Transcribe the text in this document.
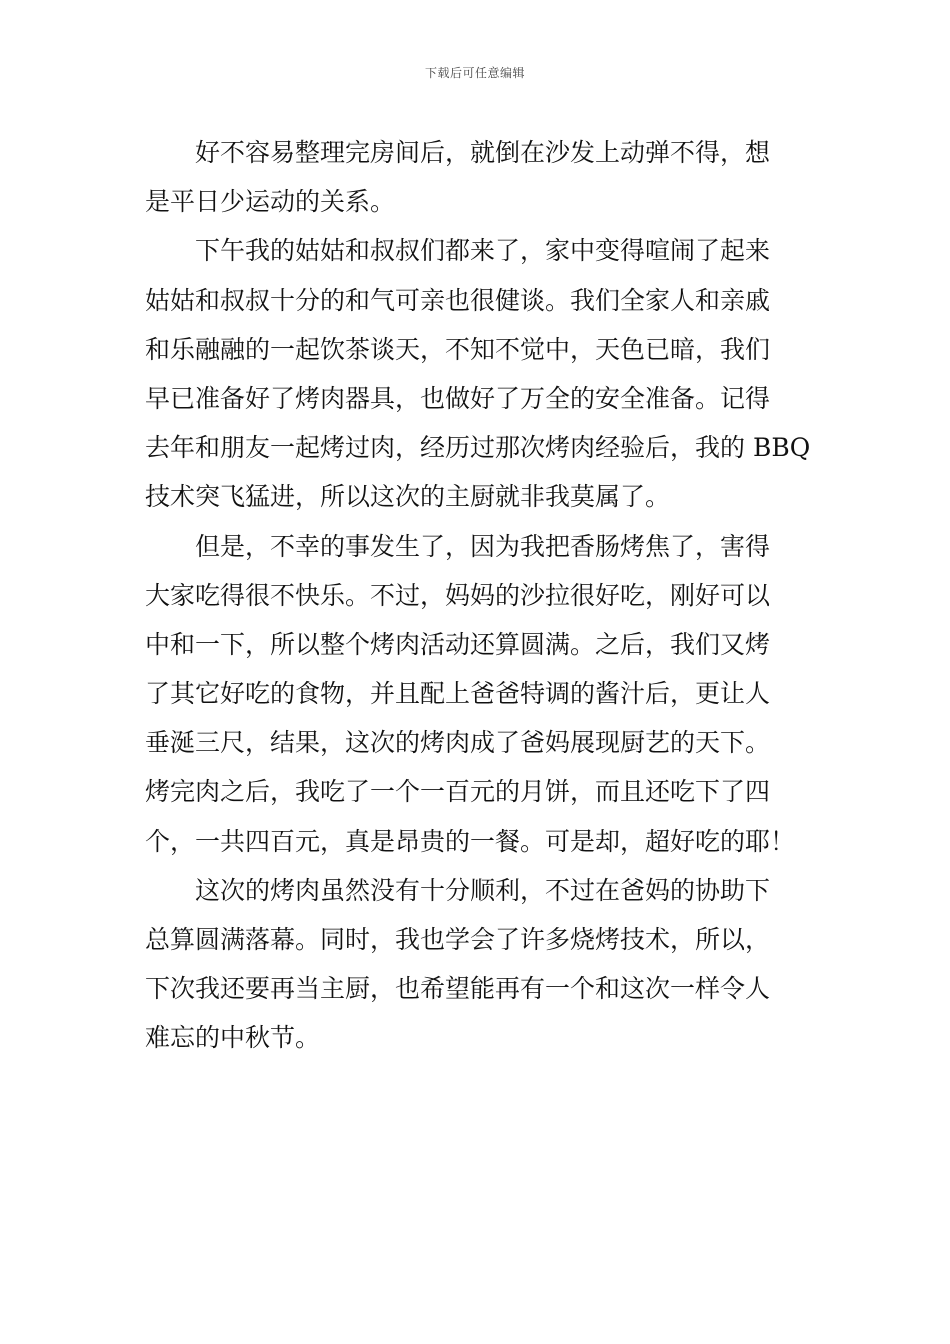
下载后可任意编辑
好不容易整理完房间后，就倒在沙发上动弹不得，想
是平日少运动的关系。
下午我的姑姑和叔叔们都来了，家中变得喧闹了起来
姑姑和叔叔十分的和气可亲也很健谈。我们全家人和亲戚
和乐融融的一起饮茶谈天，不知不觉中，天色已暗，我们
早已准备好了烤肉器具，也做好了万全的安全准备。记得
去年和朋友一起烤过肉，经历过那次烤肉经验后，我的 BBQ
技术突飞猛进，所以这次的主厨就非我莫属了。
但是，不幸的事发生了，因为我把香肠烤焦了，害得
大家吃得很不快乐。不过，妈妈的沙拉很好吃，刚好可以
中和一下，所以整个烤肉活动还算圆满。之后，我们又烤
了其它好吃的食物，并且配上爸爸特调的酱汁后，更让人
垂涎三尺，结果，这次的烤肉成了爸妈展现厨艺的天下。
烤完肉之后，我吃了一个一百元的月饼，而且还吃下了四
个，一共四百元，真是昂贵的一餐。可是却，超好吃的耶！
这次的烤肉虽然没有十分顺利，不过在爸妈的协助下
总算圆满落幕。同时，我也学会了许多烧烤技术，所以，
下次我还要再当主厨，也希望能再有一个和这次一样令人
难忘的中秋节。
